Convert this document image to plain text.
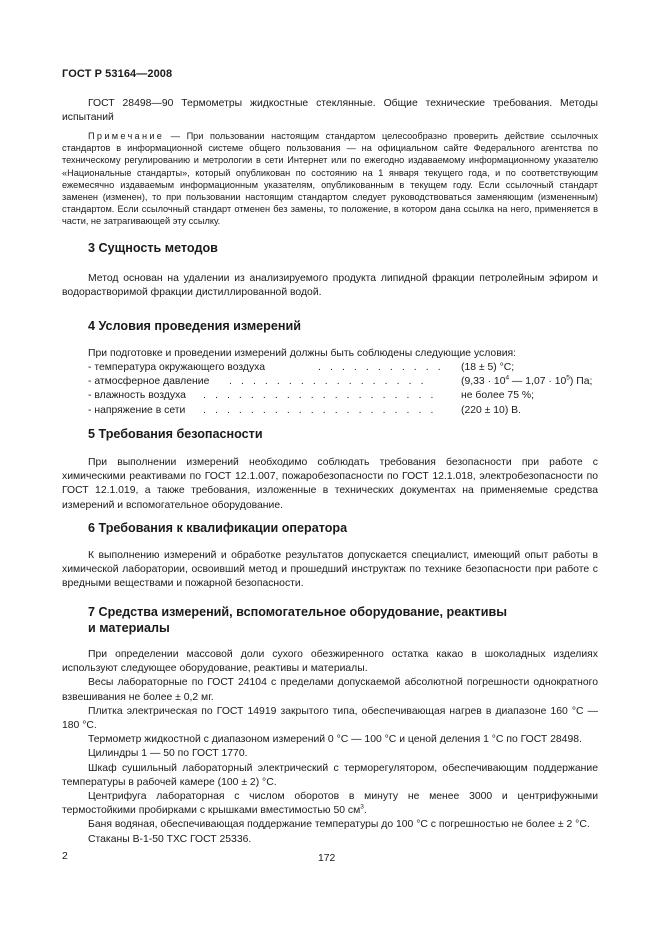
ГОСТ Р 53164—2008
ГОСТ 28498—90 Термометры жидкостные стеклянные. Общие технические требования. Методы испытаний
Примечание — При пользовании настоящим стандартом целесообразно проверить действие ссылочных стандартов в информационной системе общего пользования — на официальном сайте Федерального агентства по техническому регулированию и метрологии в сети Интернет или по ежегодно издаваемому информационному указателю «Национальные стандарты», который опубликован по состоянию на 1 января текущего года, и по соответствующим ежемесячно издаваемым информационным указателям, опубликованным в текущем году. Если ссылочный стандарт заменен (изменен), то при пользовании настоящим стандартом следует руководствоваться заменяющим (измененным) стандартом. Если ссылочный стандарт отменен без замены, то положение, в котором дана ссылка на него, применяется в части, не затрагивающей эту ссылку.
3 Сущность методов
Метод основан на удалении из анализируемого продукта липидной фракции петролейным эфиром и водорастворимой фракции дистиллированной водой.
4 Условия проведения измерений
При подготовке и проведении измерений должны быть соблюдены следующие условия:
- температура окружающего воздуха	. . . . . . . . . . . (18 ± 5) °С;
- атмосферное давление . . . . . . . . . . . . . . . . .	($9,33 \cdot 10^4$ — $1,07 \cdot 10^5$) Па;
- влажность воздуха . . . . . . . . . . . . . . . . . . . . не более 75 %;
- напряжение в сети . . . . . . . . . . . . . . . . . . . . (220 ± 10) В.
5 Требования безопасности
При выполнении измерений необходимо соблюдать требования безопасности при работе с химическими реактивами по ГОСТ 12.1.007, пожаробезопасности по ГОСТ 12.1.018, электробезопасности по ГОСТ 12.1.019, а также требования, изложенные в технических документах на применяемые средства измерений и вспомогательное оборудование.
6 Требования к квалификации оператора
К выполнению измерений и обработке результатов допускается специалист, имеющий опыт работы в химической лаборатории, освоивший метод и прошедший инструктаж по технике безопасности при работе с вредными веществами и пожарной безопасности.
7 Средства измерений, вспомогательное оборудование, реактивы
и материалы
При определении массовой доли сухого обезжиренного остатка какао в шоколадных изделиях используют следующее оборудование, реактивы и материалы.
Весы лабораторные по ГОСТ 24104 с пределами допускаемой абсолютной погрешности однократного взвешивания не более ± 0,2 мг.
Плитка электрическая по ГОСТ 14919 закрытого типа, обеспечивающая нагрев в диапазоне 160 °С — 180 °С.
Термометр жидкостной с диапазоном измерений 0 °С — 100 °С и ценой деления 1 °С по ГОСТ 28498.
Цилиндры 1 — 50 по ГОСТ 1770.
Шкаф сушильный лабораторный электрический с терморегулятором, обеспечивающим поддержание температуры в рабочей камере (100 ± 2) °С.
Центрифуга лабораторная с числом оборотов в минуту не менее 3000 и центрифужными термостойкими пробирками с крышками вместимостью 50 $см^3$.
Баня водяная, обеспечивающая поддержание температуры до 100 °С с погрешностью не более ± 2 °С.
Стаканы В-1-50 ТХС ГОСТ 25336.
2	172
